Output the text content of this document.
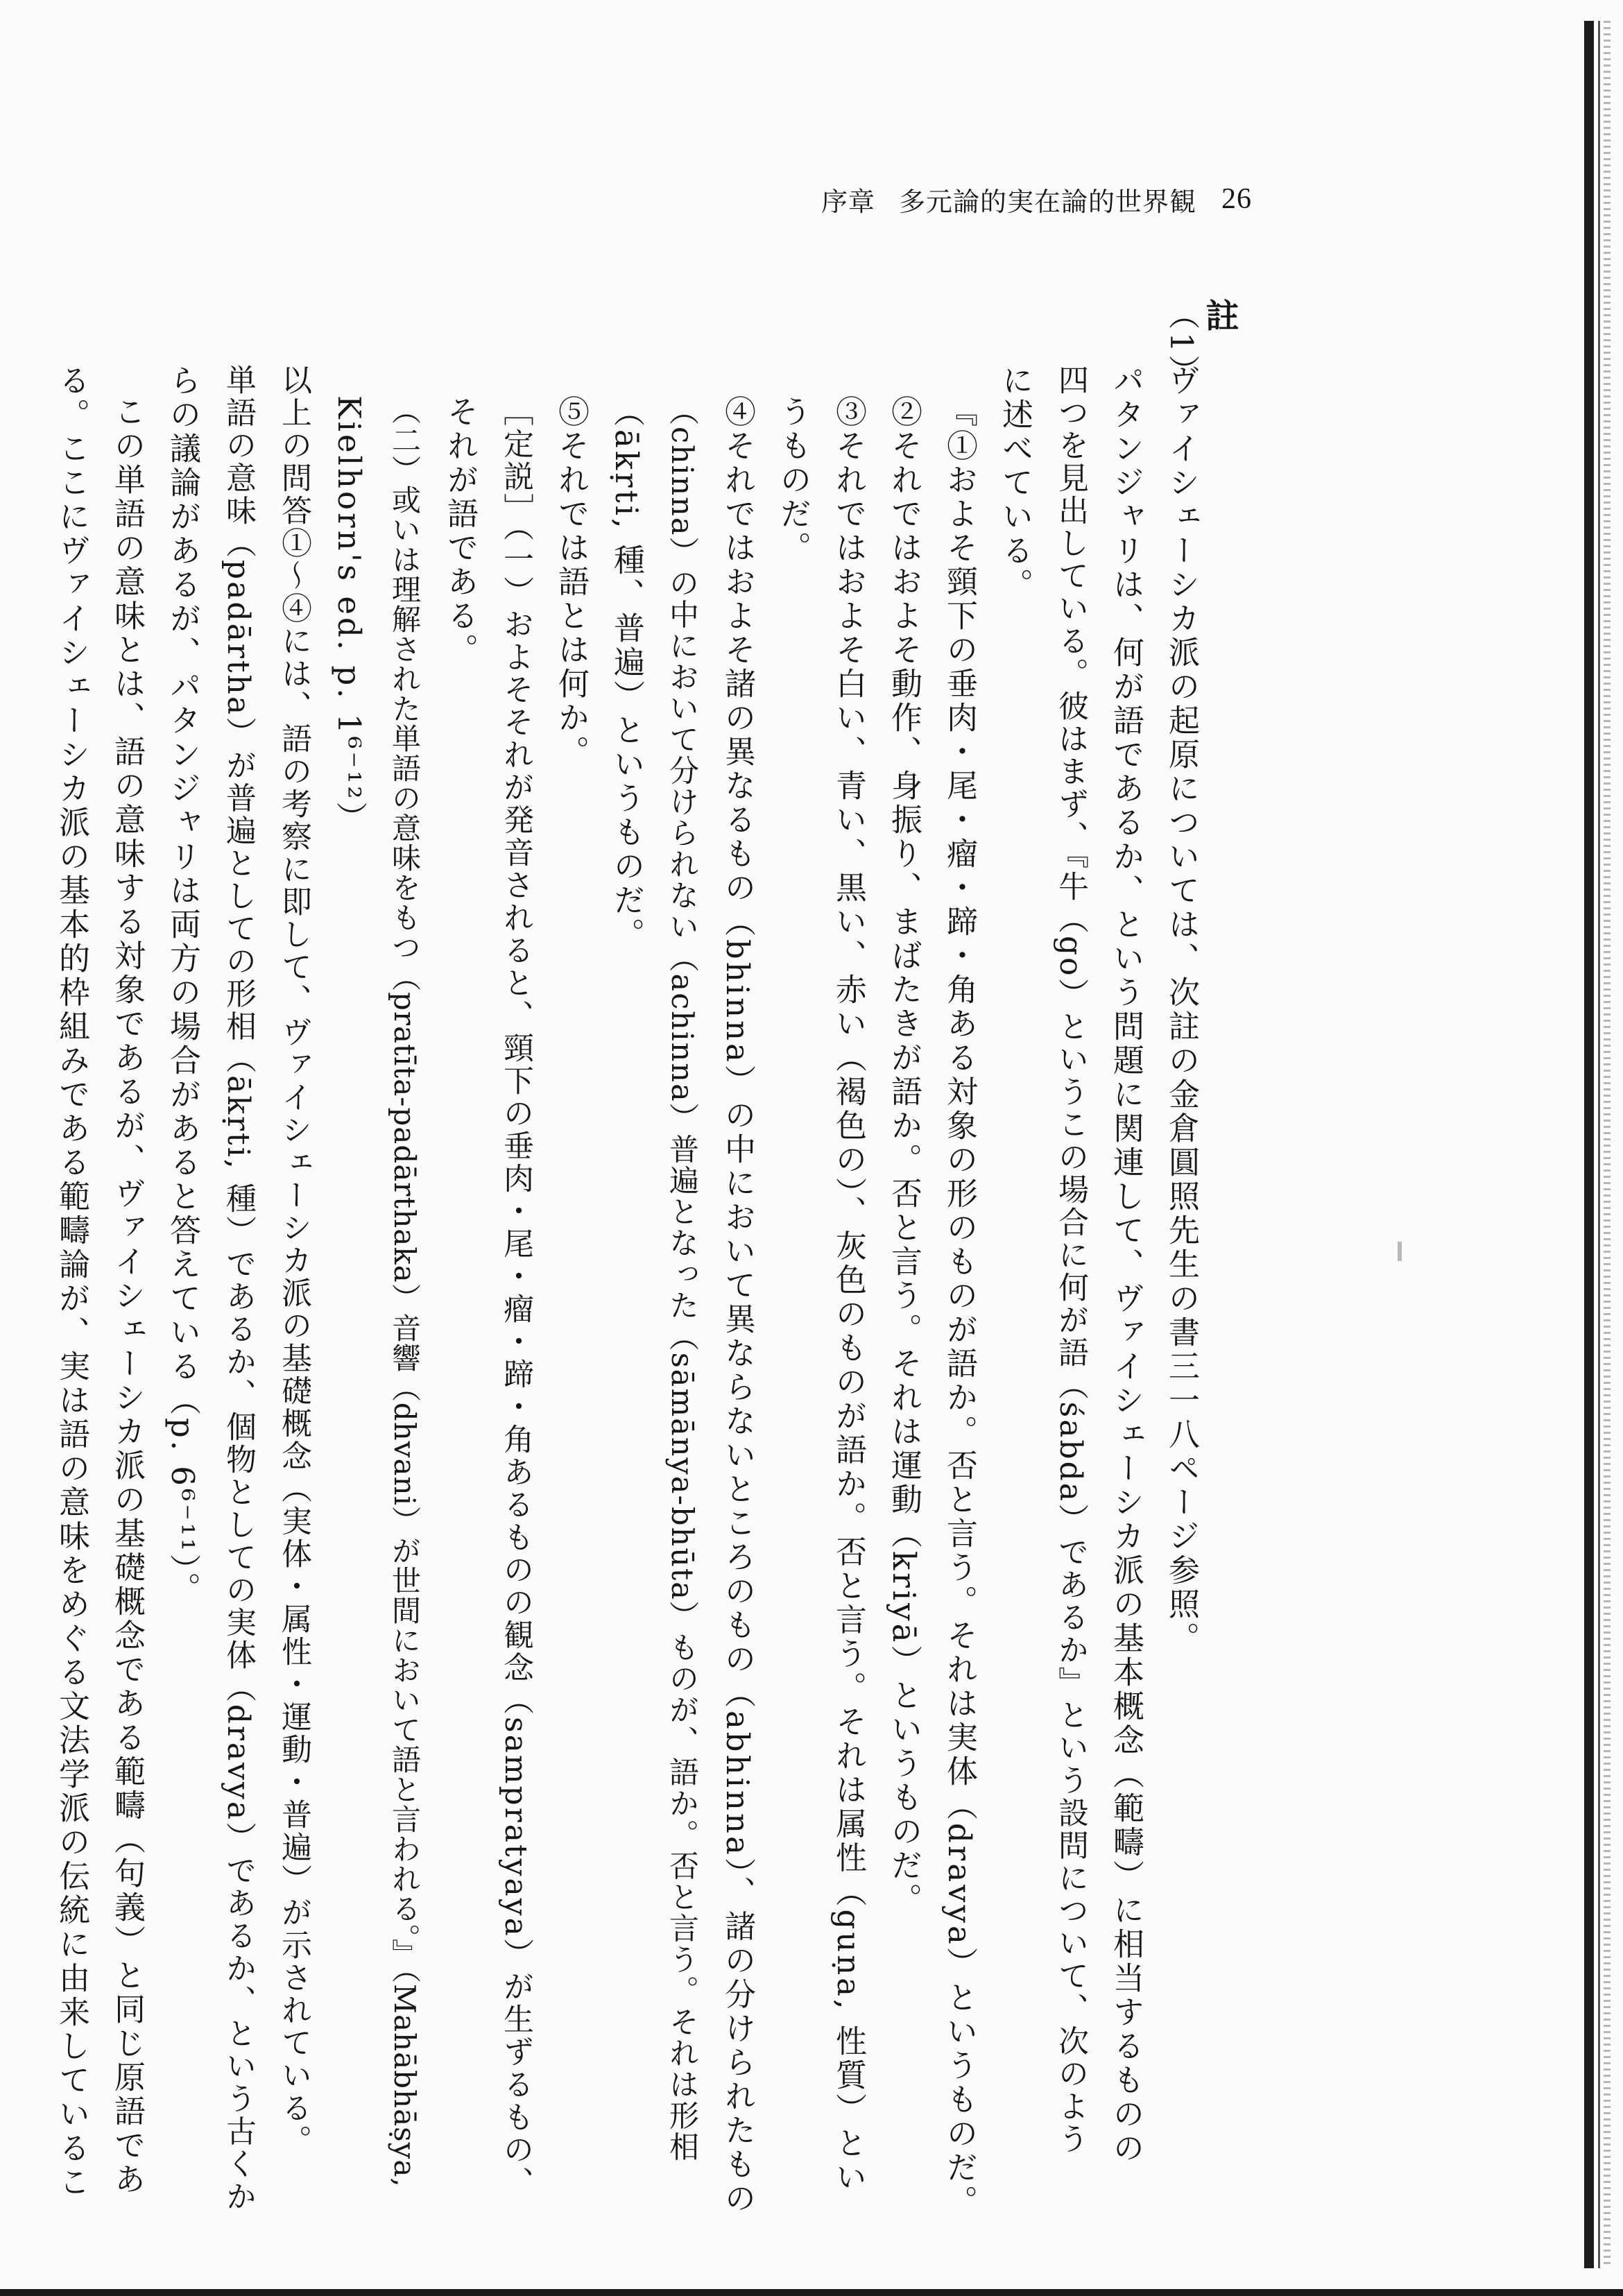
序章 多元論的実在論的世界観 26
註

（1）

ヴァイシェーシカ派の起原については、次註の金倉圓照先生の書三一八ページ参照。

パタンジャリは、何が語であるか、という問題に関連して、ヴァイシェーシカ派の基本概念（範疇）に相当するものの

四つを見出している。彼はまず、『牛（go）というこの場合に何が語（śabda）であるか』という設問について、次のよう

に述べている。

『①およそ頸下の垂肉・尾・瘤・蹄・角ある対象の形のものが語か。否と言う。それは実体（dravya）というものだ。

②それではおよそ動作、身振り、まばたきが語か。否と言う。それは運動（kriyā）というものだ。

③それではおよそ白い、青い、黒い、赤い（褐色の）、灰色のものが語か。否と言う。それは属性（guṇa, 性質）とい

うものだ。

④それではおよそ諸の異なるもの（bhinna）の中において異ならないところのもの（abhinna）、諸の分けられたもの

（chinna）の中において分けられない（achinna）普遍となった（sāmānya-bhūta）ものが、語か。否と言う。それは形相

（ākṛti, 種、普遍）というものだ。

⑤それでは語とは何か。

［定説］（一）およそそれが発音されると、頸下の垂肉・尾・瘤・蹄・角あるものの観念（sampratyaya）が生ずるもの、

それが語である。

（二）或いは理解された単語の意味をもつ（pratīta-padārthaka）音響（dhvani）が世間において語と言われる。』（Mahābhāṣya,

Kielhorn's ed. p. 1⁶⁻¹²）

以上の問答①〜④には、語の考察に即して、ヴァイシェーシカ派の基礎概念（実体・属性・運動・普遍）が示されている。

単語の意味（padārtha）が普遍としての形相（ākṛti, 種）であるか、個物としての実体（dravya）であるか、という古くか

らの議論があるが、パタンジャリは両方の場合があると答えている（p. 6⁶⁻¹¹）。

この単語の意味とは、語の意味する対象であるが、ヴァイシェーシカ派の基礎概念である範疇（句義）と同じ原語であ

る。ここにヴァイシェーシカ派の基本的枠組みである範疇論が、実は語の意味をめぐる文法学派の伝統に由来しているこ
